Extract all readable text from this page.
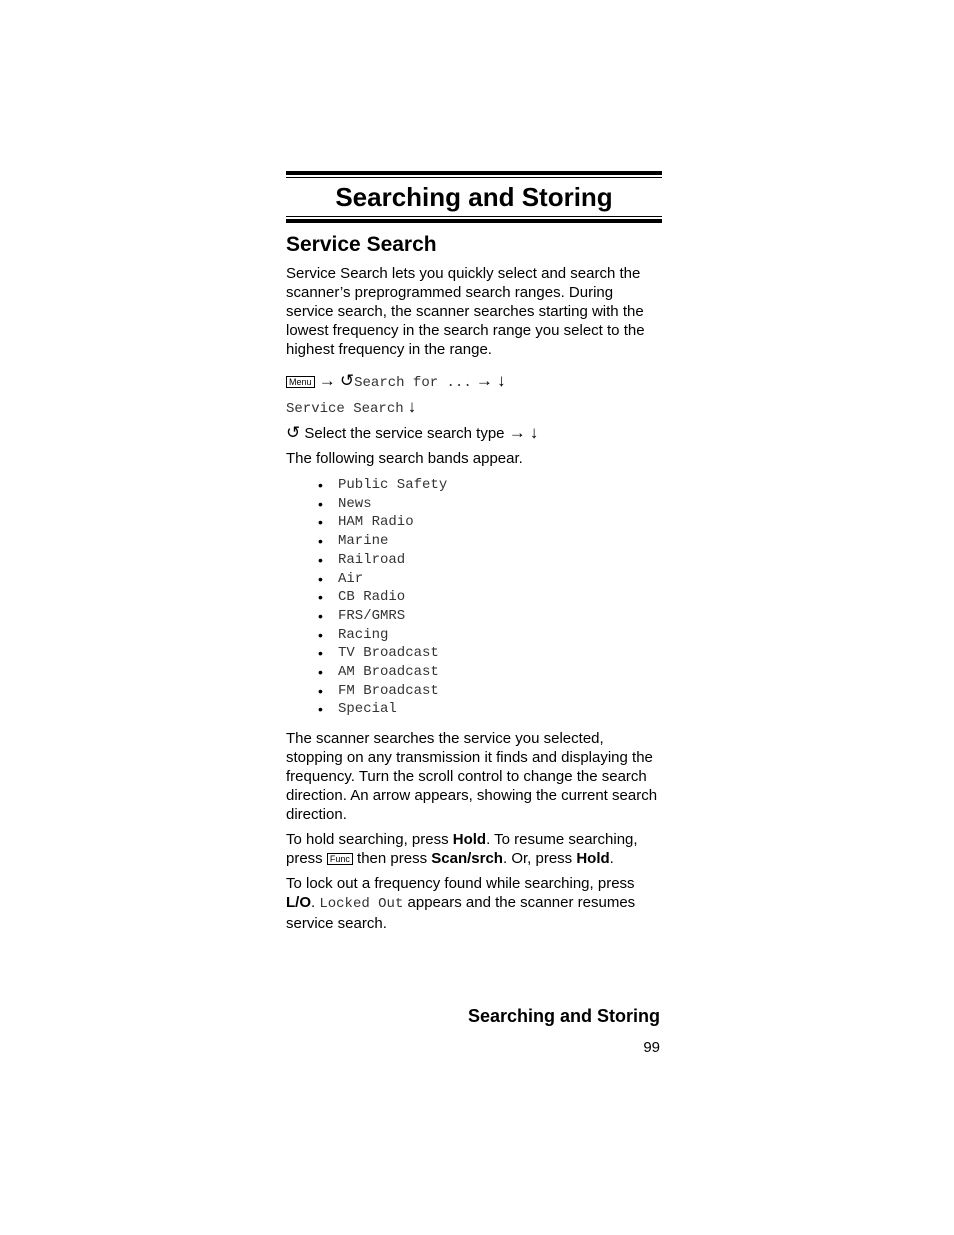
Searching and Storing
Service Search

Service Search lets you quickly select and search the scanner’s preprogrammed search ranges. During service search, the scanner searches starting with the lowest frequency in the search range you select to the highest frequency in the range.

Menu → ↺Search for ... → ↓
Service Search ↓
↺ Select the service search type → ↓

The following search bands appear.

• Public Safety
• News
• HAM Radio
• Marine
• Railroad
• Air
• CB Radio
• FRS/GMRS
• Racing
• TV Broadcast
• AM Broadcast
• FM Broadcast
• Special

The scanner searches the service you selected, stopping on any transmission it finds and displaying the frequency. Turn the scroll control to change the search direction. An arrow appears, showing the current search direction.

To hold searching, press Hold. To resume searching, press Func then press Scan/srch. Or, press Hold.

To lock out a frequency found while searching, press L/O. Locked Out appears and the scanner resumes service search.

Searching and Storing
99
